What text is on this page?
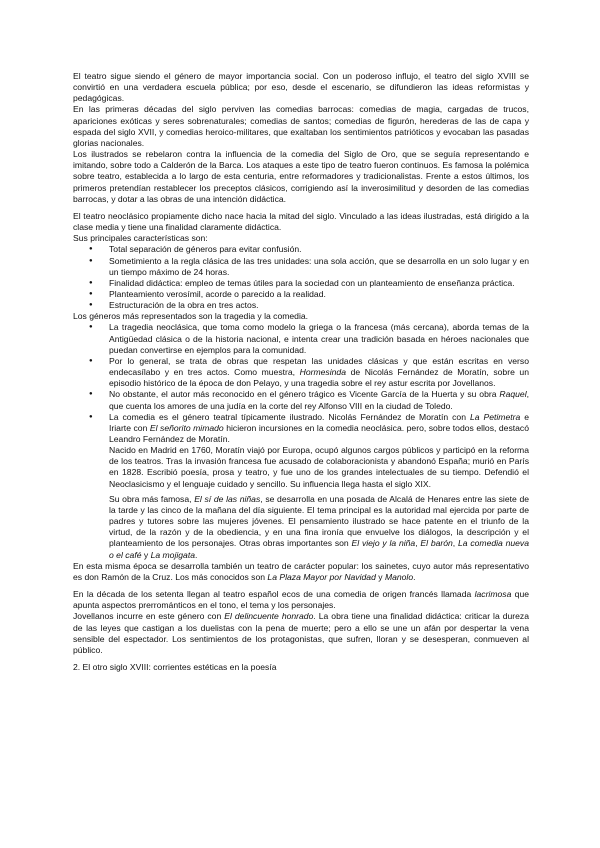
El teatro sigue siendo el género de mayor importancia social. Con un poderoso influjo, el teatro del siglo XVIII se convirtió en una verdadera escuela pública; por eso, desde el escenario, se difundieron las ideas reformistas y pedagógicas.

En las primeras décadas del siglo perviven las comedias barrocas: comedias de magia, cargadas de trucos, apariciones exóticas y seres sobrenaturales; comedias de santos; comedias de figurón, herederas de las de capa y espada del siglo XVII, y comedias heroico-militares, que exaltaban los sentimientos patrióticos y evocaban las pasadas glorias nacionales.

Los ilustrados se rebelaron contra la influencia de la comedia del Siglo de Oro, que se seguía representando e imitando, sobre todo a Calderón de la Barca. Los ataques a este tipo de teatro fueron continuos. Es famosa la polémica sobre teatro, establecida a lo largo de esta centuria, entre reformadores y tradicionalistas. Frente a estos últimos, los primeros pretendían restablecer los preceptos clásicos, corrigiendo así la inverosimilitud y desorden de las comedias barrocas, y dotar a las obras de una intención didáctica.

El teatro neoclásico propiamente dicho nace hacia la mitad del siglo. Vinculado a las ideas ilustradas, está dirigido a la clase media y tiene una finalidad claramente didáctica.

Sus principales características son:

● Total separación de géneros para evitar confusión.
● Sometimiento a la regla clásica de las tres unidades: una sola acción, que se desarrolla en un solo lugar y en un tiempo máximo de 24 horas.
● Finalidad didáctica: empleo de temas útiles para la sociedad con un planteamiento de enseñanza práctica.
● Planteamiento verosímil, acorde o parecido a la realidad.
● Estructuración de la obra en tres actos.

Los géneros más representados son la tragedia y la comedia.

● La tragedia neoclásica, que toma como modelo la griega o la francesa (más cercana), aborda temas de la Antigüedad clásica o de la historia nacional, e intenta crear una tradición basada en héroes nacionales que puedan convertirse en ejemplos para la comunidad.
● Por lo general, se trata de obras que respetan las unidades clásicas y que están escritas en verso endecasílabo y en tres actos. Como muestra, Hormesinda de Nicolás Fernández de Moratín, sobre un episodio histórico de la época de don Pelayo, y una tragedia sobre el rey astur escrita por Jovellanos.
● No obstante, el autor más reconocido en el género trágico es Vicente García de la Huerta y su obra Raquel, que cuenta los amores de una judía en la corte del rey Alfonso VIII en la ciudad de Toledo.
● La comedia es el género teatral típicamente ilustrado. Nicolás Fernández de Moratín con La Petimetra e Iriarte con El señorito mimado hicieron incursiones en la comedia neoclásica. pero, sobre todos ellos, destacó Leandro Fernández de Moratín.

Nacido en Madrid en 1760, Moratín viajó por Europa, ocupó algunos cargos públicos y participó en la reforma de los teatros. Tras la invasión francesa fue acusado de colaboracionista y abandonó España; murió en París en 1828. Escribió poesía, prosa y teatro, y fue uno de los grandes intelectuales de su tiempo. Defendió el Neoclasicismo y el lenguaje cuidado y sencillo. Su influencia llega hasta el siglo XIX.

Su obra más famosa, El sí de las niñas, se desarrolla en una posada de Alcalá de Henares entre las siete de la tarde y las cinco de la mañana del día siguiente. El tema principal es la autoridad mal ejercida por parte de padres y tutores sobre las mujeres jóvenes. El pensamiento ilustrado se hace patente en el triunfo de la virtud, de la razón y de la obediencia, y en una fina ironía que envuelve los diálogos, la descripción y el planteamiento de los personajes. Otras obras importantes son El viejo y la niña, El barón, La comedia nueva o el café y La mojigata.

En esta misma época se desarrolla también un teatro de carácter popular: los sainetes, cuyo autor más representativo es don Ramón de la Cruz. Los más conocidos son La Plaza Mayor por Navidad y Manolo.

En la década de los setenta llegan al teatro español ecos de una comedia de origen francés llamada lacrimosa que apunta aspectos prerrománticos en el tono, el tema y los personajes.

Jovellanos incurre en este género con El delincuente honrado. La obra tiene una finalidad didáctica: criticar la dureza de las leyes que castigan a los duelistas con la pena de muerte; pero a ello se une un afán por despertar la vena sensible del espectador. Los sentimientos de los protagonistas, que sufren, lloran y se desesperan, conmueven al público.

2. El otro siglo XVIII: corrientes estéticas en la poesía
